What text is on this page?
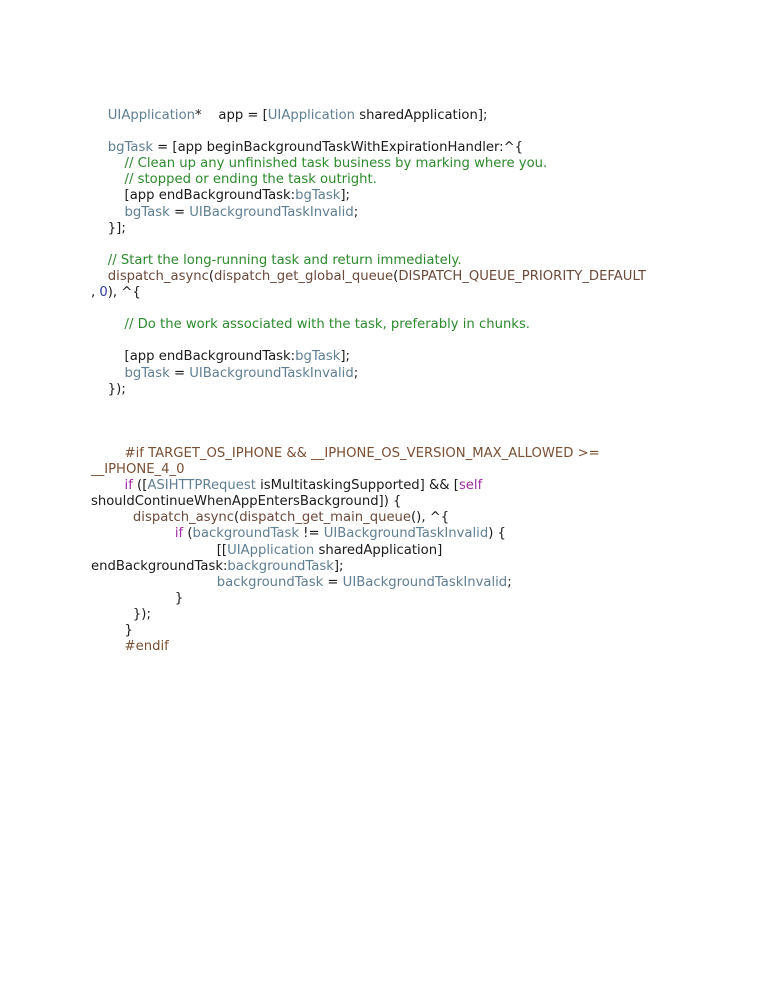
UIApplication*    app = [UIApplication sharedApplication];

bgTask = [app beginBackgroundTaskWithExpirationHandler:^{
// Clean up any unfinished task business by marking where you.
// stopped or ending the task outright.
[app endBackgroundTask:bgTask];
bgTask = UIBackgroundTaskInvalid;
}];

// Start the long-running task and return immediately.
dispatch_async(dispatch_get_global_queue(DISPATCH_QUEUE_PRIORITY_DEFAULT
, 0), ^{

// Do the work associated with the task, preferably in chunks.

[app endBackgroundTask:bgTask];
bgTask = UIBackgroundTaskInvalid;
});

#if TARGET_OS_IPHONE && __IPHONE_OS_VERSION_MAX_ALLOWED >=
__IPHONE_4_0
if ([ASIHTTPRequest isMultitaskingSupported] && [self
shouldContinueWhenAppEntersBackground]) {
dispatch_async(dispatch_get_main_queue(), ^{
if (backgroundTask != UIBackgroundTaskInvalid) {
[[UIApplication sharedApplication]
endBackgroundTask:backgroundTask];
backgroundTask = UIBackgroundTaskInvalid;
}
});
}
#endif
